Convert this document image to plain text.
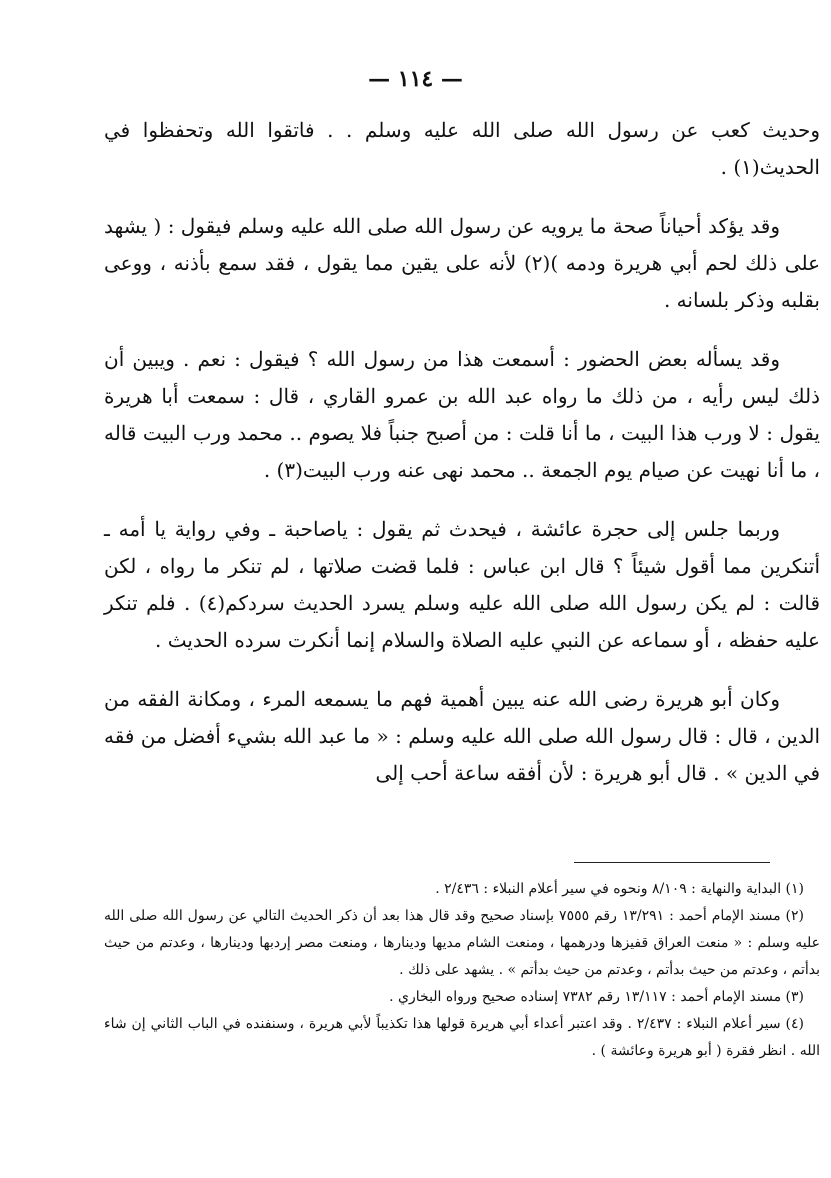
— ١١٤ —

وحديث كعب عن رسول الله صلى الله عليه وسلم . . فاتقوا الله وتحفظوا في الحديث(١) .

وقد يؤكد أحياناً صحة ما يرويه عن رسول الله صلى الله عليه وسلم فيقول : ( يشهد على ذلك لحم أبي هريرة ودمه )(٢) لأنه على يقين مما يقول ، فقد سمع بأذنه ، ووعى بقلبه وذكر بلسانه .

وقد يسأله بعض الحضور : أسمعت هذا من رسول الله ؟ فيقول : نعم . ويبين أن ذلك ليس رأيه ، من ذلك ما رواه عبد الله بن عمرو القاري ، قال : سمعت أبا هريرة يقول : لا ورب هذا البيت ، ما أنا قلت : من أصبح جنباً فلا يصوم .. محمد ورب البيت قاله ، ما أنا نهيت عن صيام يوم الجمعة .. محمد نهى عنه ورب البيت(٣) .

وربما جلس إلى حجرة عائشة ، فيحدث ثم يقول : ياصاحبة ـ وفي رواية يا أمه ـ أتنكرين مما أقول شيئاً ؟ قال ابن عباس : فلما قضت صلاتها ، لم تنكر ما رواه ، لكن قالت : لم يكن رسول الله صلى الله عليه وسلم يسرد الحديث سردكم(٤) . فلم تنكر عليه حفظه ، أو سماعه عن النبي عليه الصلاة والسلام إنما أنكرت سرده الحديث .

وكان أبو هريرة رضى الله عنه يبين أهمية فهم ما يسمعه المرء ، ومكانة الفقه من الدين ، قال : قال رسول الله صلى الله عليه وسلم : « ما عبد الله بشيء أفضل من فقه في الدين » . قال أبو هريرة : لأن أفقه ساعة أحب إلى

(١) البداية والنهاية : ٨/١٠٩ ونحوه في سير أعلام النبلاء : ٢/٤٣٦ .

(٢) مسند الإمام أحمد : ١٣/٢٩١ رقم ٧٥٥٥ بإسناد صحيح وقد قال هذا بعد أن ذكر الحديث التالي عن رسول الله صلى الله عليه وسلم : « منعت العراق قفيزها ودرهمها ، ومنعت الشام مديها ودينارها ، ومنعت مصر إردبها ودينارها ، وعدتم من حيث بدأتم ، وعدتم من حيث بدأتم ، وعدتم من حيث بدأتم » . يشهد على ذلك .

(٣) مسند الإمام أحمد : ١٣/١١٧ رقم ٧٣٨٢ إسناده صحيح ورواه البخاري .

(٤) سير أعلام النبلاء : ٢/٤٣٧ . وقد اعتبر أعداء أبي هريرة قولها هذا تكذيباً لأبي هريرة ، وسنفنده في الباب الثاني إن شاء الله . انظر فقرة ( أبو هريرة وعائشة ) .
